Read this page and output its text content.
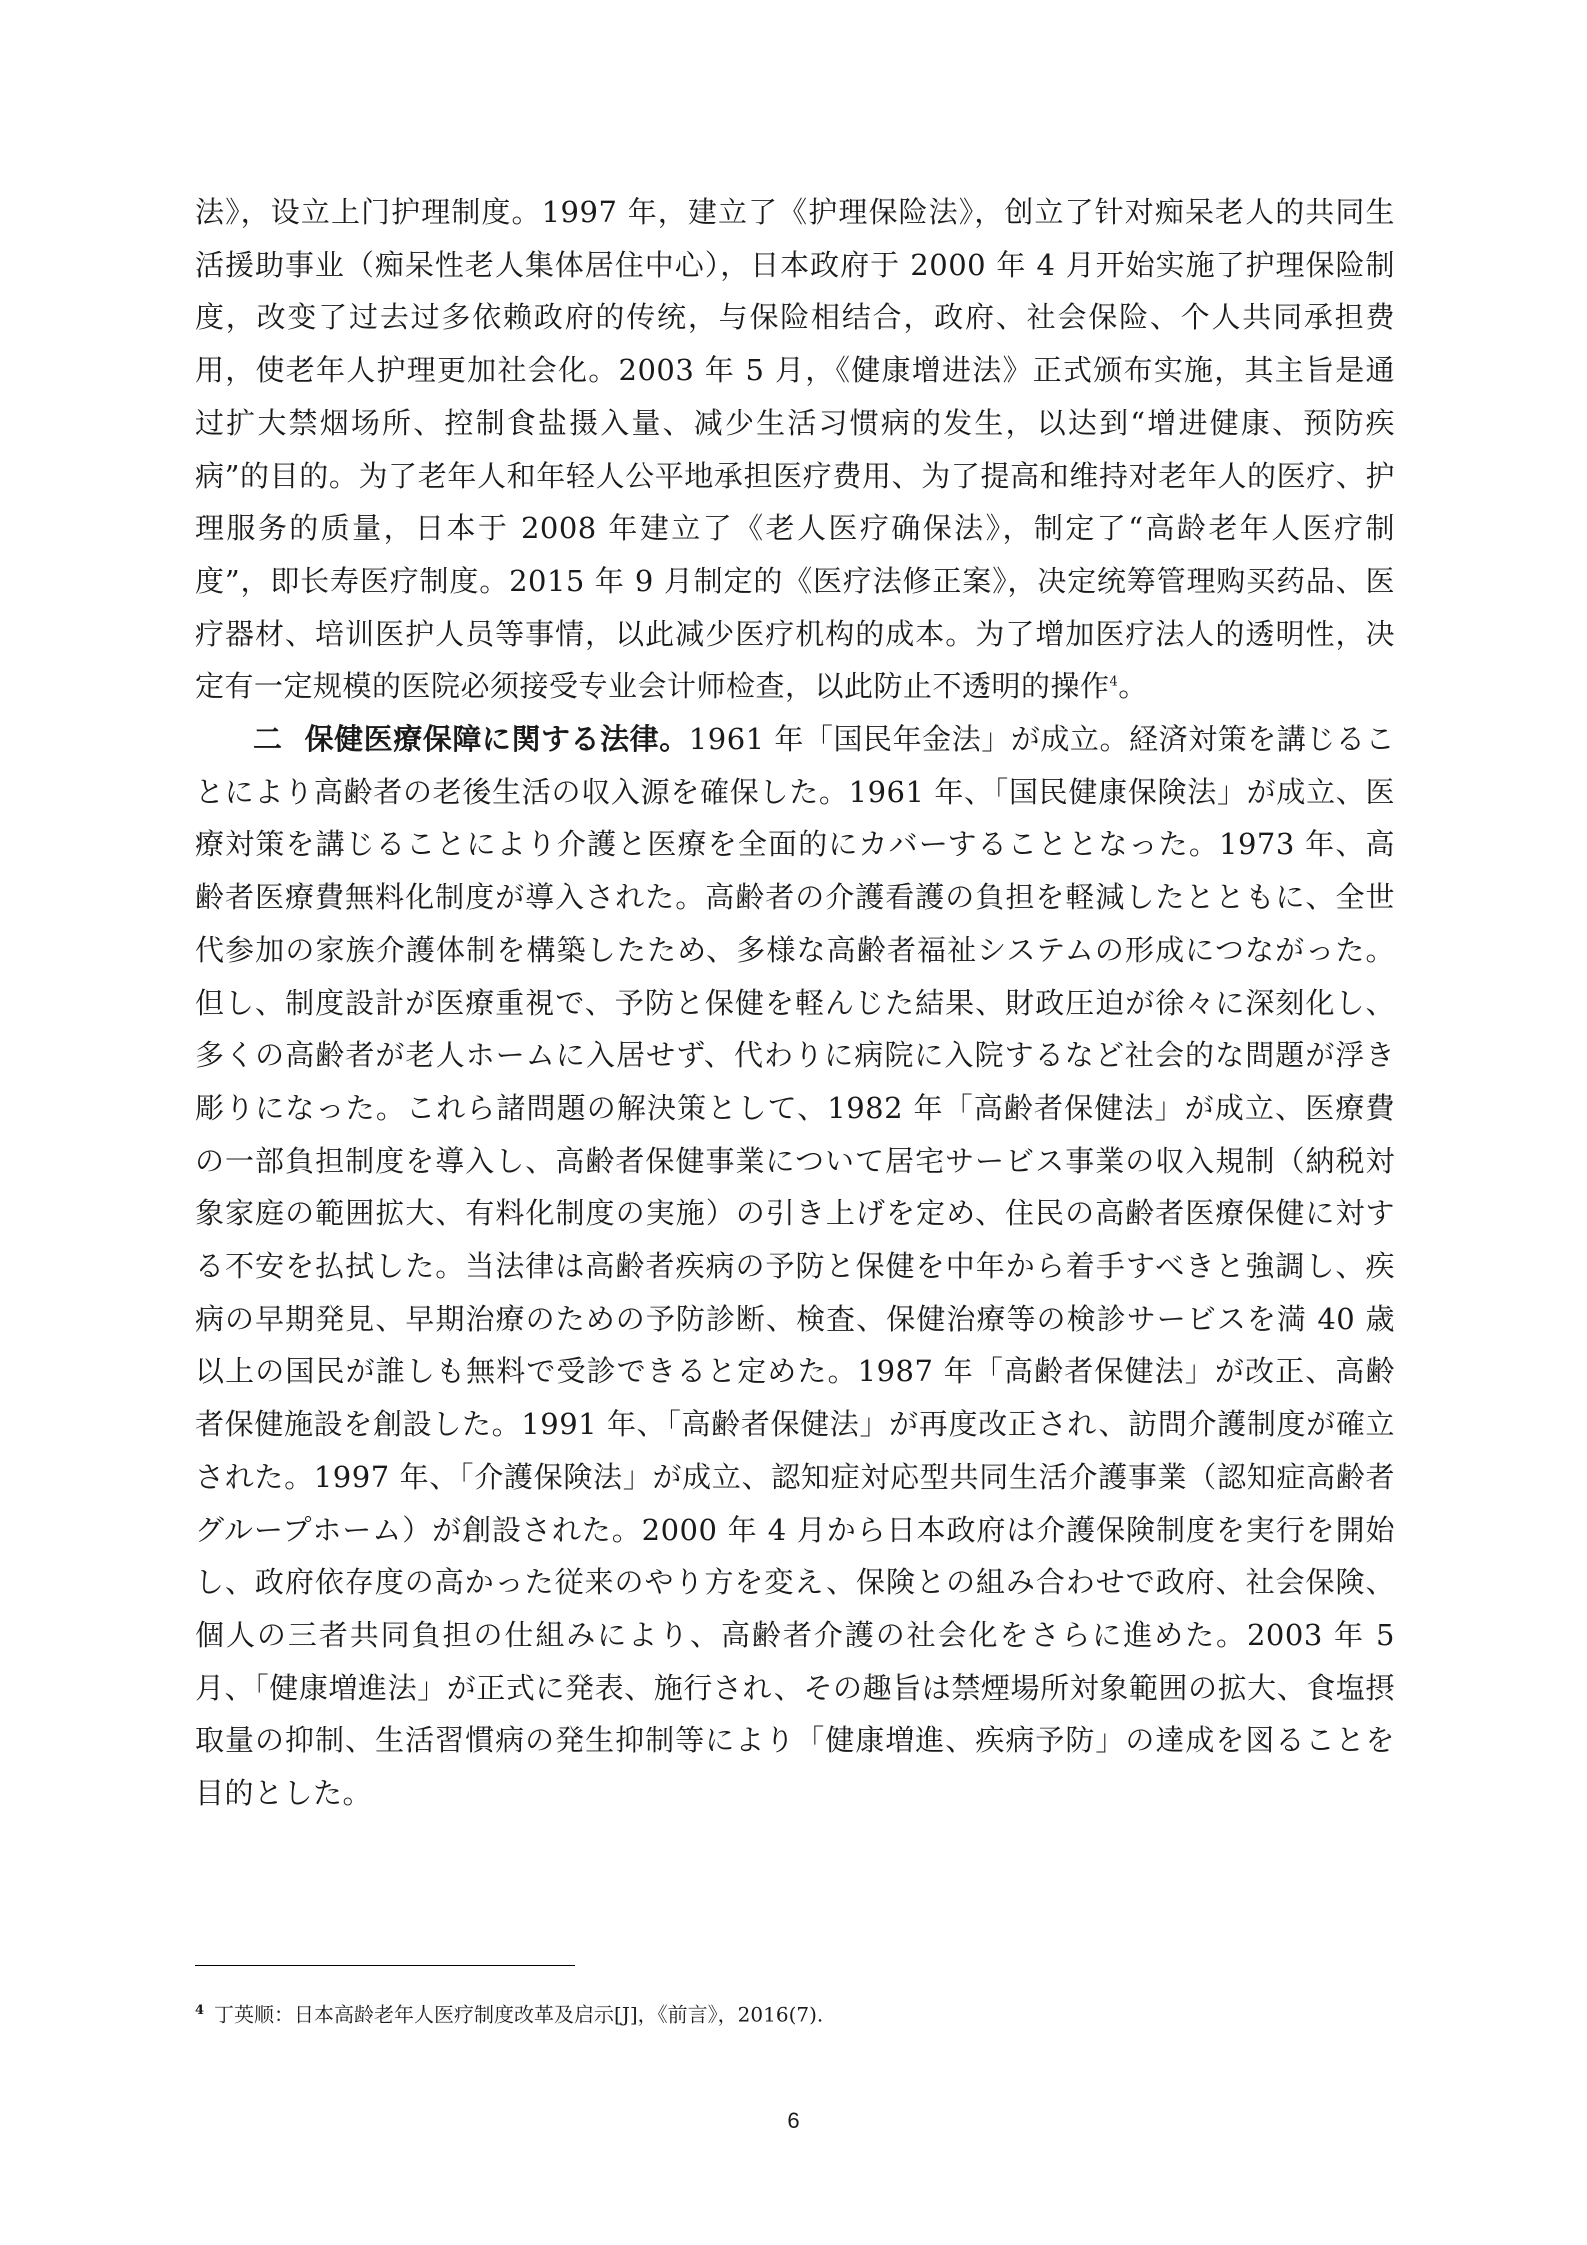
法》，设立上门护理制度。1997 年，建立了《护理保险法》，创立了针对痴呆老人的共同生活援助事业（痴呆性老人集体居住中心），日本政府于 2000 年 4 月开始实施了护理保险制度，改变了过去过多依赖政府的传统，与保险相结合，政府、社会保险、个人共同承担费用，使老年人护理更加社会化。2003 年 5 月，《健康增进法》正式颁布实施，其主旨是通过扩大禁烟场所、控制食盐摄入量、减少生活习惯病的发生，以达到“增进健康、预防疾病”的目的。为了老年人和年轻人公平地承担医疗费用、为了提高和维持对老年人的医疗、护理服务的质量，日本于 2008 年建立了《老人医疗确保法》，制定了“高龄老年人医疗制度”，即长寿医疗制度。2015 年 9 月制定的《医疗法修正案》，决定统筹管理购买药品、医疗器材、培训医护人员等事情，以此减少医疗机构的成本。为了增加医疗法人的透明性，决定有一定规模的医院必须接受专业会计师检查，以此防止不透明的操作$^4$。

二 保健医療保障に関する法律。1961 年「国民年金法」が成立。経済対策を講じることにより高齢者の老後生活の収入源を確保した。1961 年、「国民健康保険法」が成立、医療対策を講じることにより介護と医療を全面的にカバーすることとなった。1973 年、高齢者医療費無料化制度が導入された。高齢者の介護看護の負担を軽減したとともに、全世代参加の家族介護体制を構築したため、多様な高齢者福祉システムの形成につながった。但し、制度設計が医療重視で、予防と保健を軽んじた結果、財政圧迫が徐々に深刻化し、多くの高齢者が老人ホームに入居せず、代わりに病院に入院するなど社会的な問題が浮き彫りになった。これら諸問題の解決策として、1982 年「高齢者保健法」が成立、医療費の一部負担制度を導入し、高齢者保健事業について居宅サービス事業の収入規制（納税対象家庭の範囲拡大、有料化制度の実施）の引き上げを定め、住民の高齢者医療保健に対する不安を払拭した。当法律は高齢者疾病の予防と保健を中年から着手すべきと強調し、疾病の早期発見、早期治療のための予防診断、検査、保健治療等の検診サービスを満 40 歳以上の国民が誰しも無料で受診できると定めた。1987 年「高齢者保健法」が改正、高齢者保健施設を創設した。1991 年、「高齢者保健法」が再度改正され、訪問介護制度が確立された。1997 年、「介護保険法」が成立、認知症対応型共同生活介護事業（認知症高齢者グループホーム）が創設された。2000 年 4 月から日本政府は介護保険制度を実行を開始し、政府依存度の高かった従来のやり方を変え、保険との組み合わせで政府、社会保険、個人の三者共同負担の仕組みにより、高齢者介護の社会化をさらに進めた。2003 年 5 月、「健康増進法」が正式に発表、施行され、その趣旨は禁煙場所対象範囲の拡大、食塩摂取量の抑制、生活習慣病の発生抑制等により「健康増進、疾病予防」の達成を図ることを目的とした。

$^4$ 丁英顺：日本高龄老年人医疗制度改革及启示[J]，《前言》，2016(7).
6
